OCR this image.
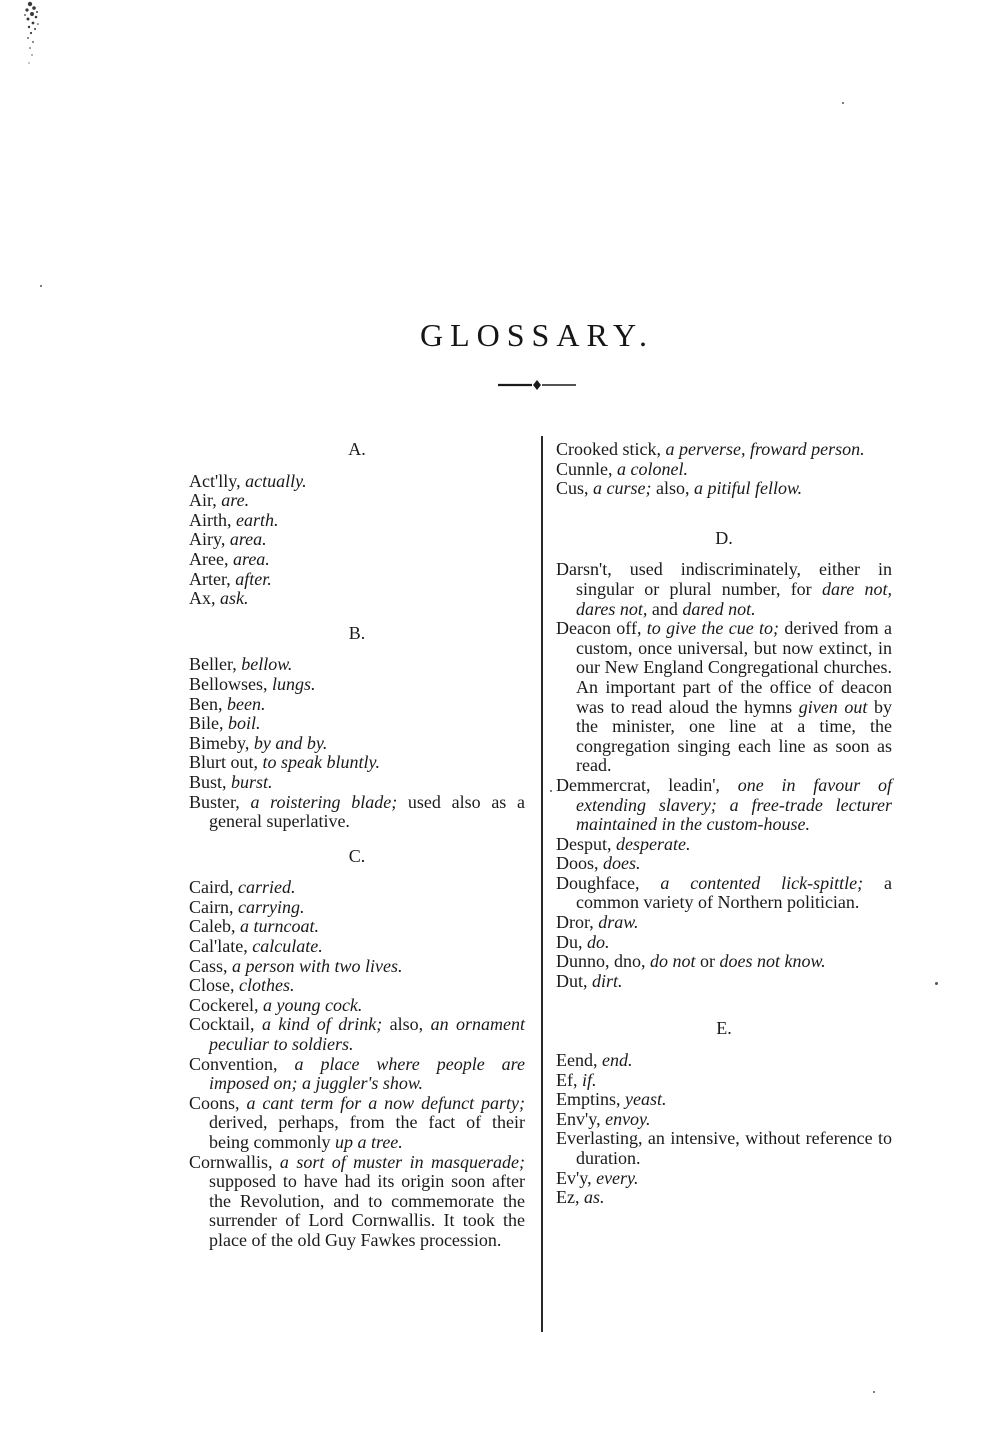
GLOSSARY.
A.

Act'lly, actually.

Air, are.

Airth, earth.

Airy, area.

Aree, area.

Arter, after.

Ax, ask.

B.

Beller, bellow.

Bellowses, lungs.

Ben, been.

Bile, boil.

Bimeby, by and by.

Blurt out, to speak bluntly.

Bust, burst.

Buster, a roistering blade; used also as a general superlative.

C.

Caird, carried.

Cairn, carrying.

Caleb, a turncoat.

Cal'late, calculate.

Cass, a person with two lives.

Close, clothes.

Cockerel, a young cock.

Cocktail, a kind of drink; also, an ornament peculiar to soldiers.

Convention, a place where people are imposed on; a juggler's show.

Coons, a cant term for a now defunct party; derived, perhaps, from the fact of their being commonly up a tree.

Cornwallis, a sort of muster in masquerade; supposed to have had its origin soon after the Revolution, and to commemorate the surrender of Lord Cornwallis. It took the place of the old Guy Fawkes procession.

Crooked stick, a perverse, froward person.

Cunnle, a colonel.

Cus, a curse; also, a pitiful fellow.

D.

Darsn't, used indiscriminately, either in singular or plural number, for dare not, dares not, and dared not.

Deacon off, to give the cue to; derived from a custom, once universal, but now extinct, in our New England Congregational churches. An important part of the office of deacon was to read aloud the hymns given out by the minister, one line at a time, the congregation singing each line as soon as read.

Demmercrat, leadin', one in favour of extending slavery; a free-trade lecturer maintained in the custom-house.

Desput, desperate.

Doos, does.

Doughface, a contented lick-spittle; a common variety of Northern politician.

Dror, draw.

Du, do.

Dunno, dno, do not or does not know.

Dut, dirt.

E.

Eend, end.

Ef, if.

Emptins, yeast.

Env'y, envoy.

Everlasting, an intensive, without reference to duration.

Ev'y, every.

Ez, as.
